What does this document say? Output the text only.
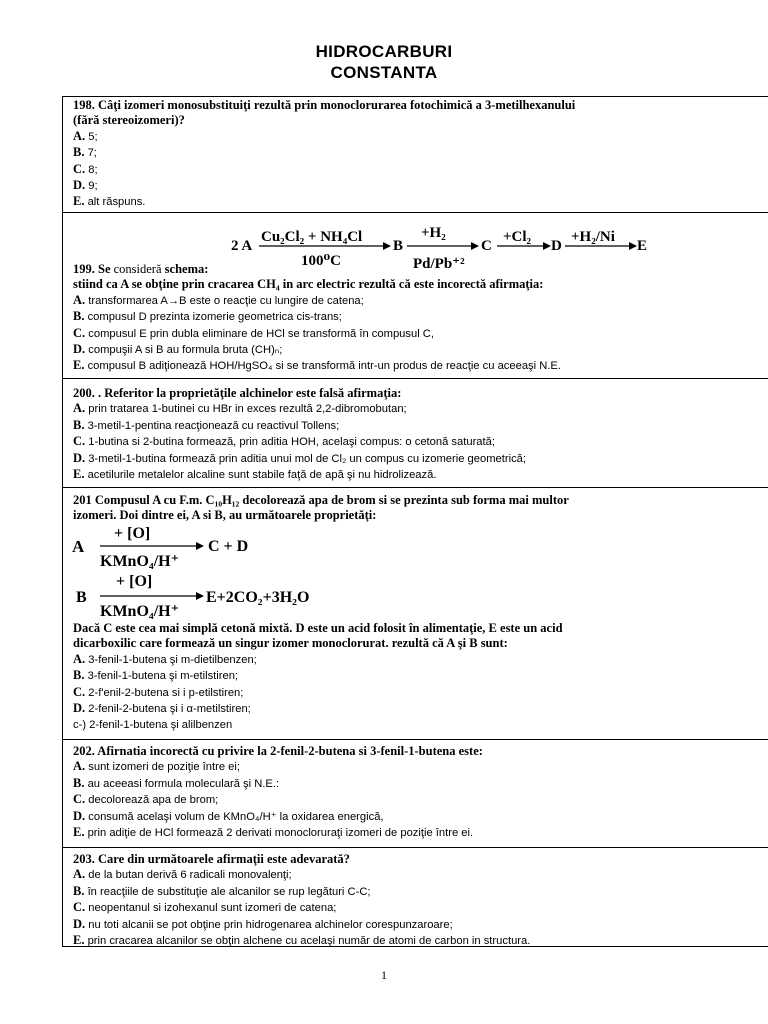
HIDROCARBURI
CONSTANTA
198. Câţi izomeri monosubstituiţi rezultă prin monoclorurarea fotochimică a 3-metilhexanului
(fără stereoizomeri)?
A. 5;
B. 7;
C. 8;
D. 9;
E. alt răspuns.
2 A
Cu₂Cl₂ + NH₄Cl
100⁰C
B
+H₂
Pd/Pb⁺²
C
+Cl₂
D
+H₂/Ni
E
199. Se consideră schema:
stiind ca A se obţine prin cracarea CH₄ in arc electric rezultă că este incorectă afirmaţia:
A. transformarea A→B este o reacţie cu lungire de catena;
B. compusul D prezinta izomerie geometrica cis-trans;
C. compusul E prin dubla eliminare de HCl se transformă în compusul C,
D. compuşii A si B au formula bruta (CH)ₙ;
E. compusul B adiţionează HOH/HgSO₄ si se transformă intr-un produs de reacţie cu aceeaşi N.E.
200. . Referitor la proprietăţile alchinelor este falsă afirmaţia:
A. prin tratarea 1-butinei cu HBr in exces rezultă 2,2-dibromobutan;
B. 3-metil-1-pentina reacţionează cu reactivul Tollens;
C. 1-butina si 2-butina formează, prin aditia HOH, acelaşi compus: o cetonă saturată;
D. 3-metil-1-butina formează prin aditia unui mol de Cl₂ un compus cu izomerie geometrică;
E. acetilurile metalelor alcaline sunt stabile faţă de apă şi nu hidrolizează.
201 Compusul A cu F.m. C₁₀H₁₂ decolorează apa de brom si se prezinta sub forma mai multor
izomeri. Doi dintre ei, A si B, au următoarele proprietăţi:
A
+ [O]
KMnO₄/H⁺
C + D
B
+ [O]
KMnO₄/H⁺
E+2CO₂+3H₂O
Dacă C este cea mai simplă cetonă mixtă. D este un acid folosit în alimentaţie, E este un acid
dicarboxilic care formează un singur izomer monoclorurat. rezultă că A şi B sunt:
A. 3-fenil-1-butena şi m-dietilbenzen;
B. 3-fenil-1-butena şi m-etilstiren;
C. 2-f'enil-2-butena si i p-etilstiren;
D. 2-fenil-2-butena şi i α-metilstiren;
c-) 2-fenil-1-butena şi alilbenzen
202. Afirnatia incorectă cu privire la 2-fenil-2-butena si 3-fenil-1-butena este:
A. sunt izomeri de poziţie între ei;
B. au aceeasi formula moleculară şi N.E.:
C. decolorează apa de brom;
D. consumă acelaşi volum de KMnO₄/H⁺ la oxidarea energică,
E. prin adiţie de HCl formează 2 derivati monocloruraţi izomeri de poziţie între ei.
203. Care din următoarele afirmaţii este adevarată?
A. de la butan derivă 6 radicali monovalenţi;
B. în reacţiile de substituţie ale alcanilor se rup legături C-C;
C. neopentanul si izohexanul sunt izomeri de catena;
D. nu toti alcanii se pot obţine prin hidrogenarea alchinelor corespunzaroare;
E. prin cracarea alcanilor se obţin alchene cu acelaşi număr de atomi de carbon in structura.
1
